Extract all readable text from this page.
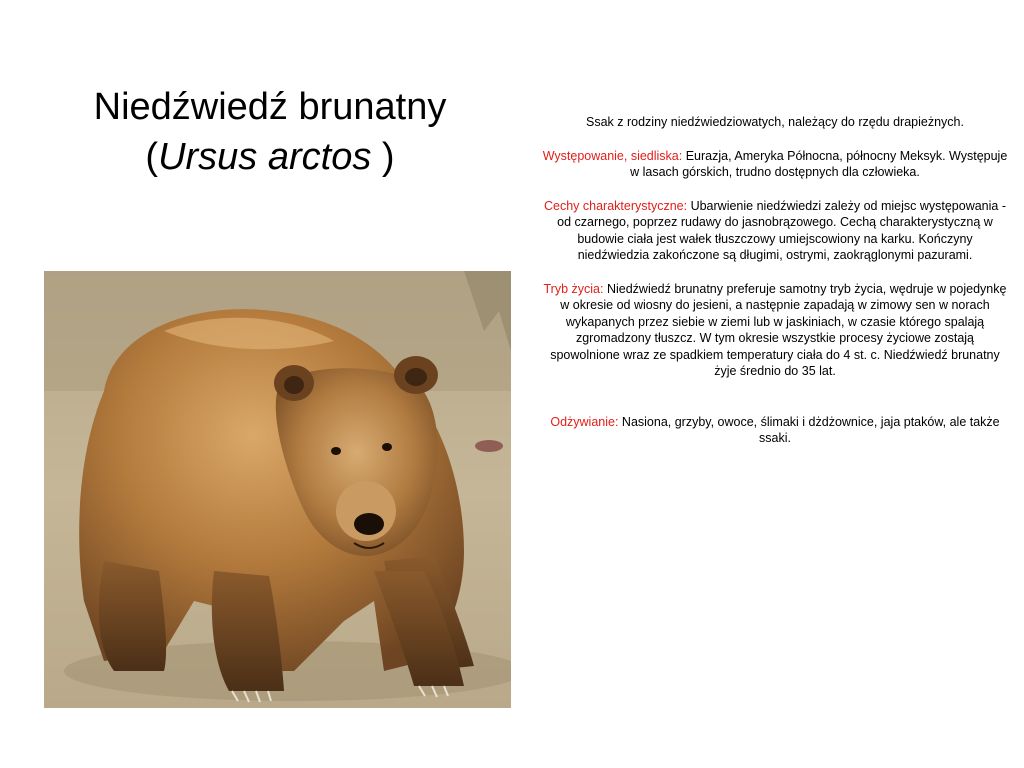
Niedźwiedź brunatny
(Ursus arctos )

Ssak z rodziny niedźwiedziowatych, należący do rzędu drapieżnych.

Występowanie, siedliska: Eurazja, Ameryka Północna, północny Meksyk. Występuje w lasach górskich, trudno dostępnych dla człowieka.

Cechy charakterystyczne: Ubarwienie niedźwiedzi zależy od miejsc występowania - od czarnego, poprzez rudawy do jasnobrązowego. Cechą charakterystyczną w budowie ciała jest wałek tłuszczowy umiejscowiony na karku. Kończyny niedźwiedzia zakończone są długimi, ostrymi, zaokrąglonymi pazurami.

Tryb życia: Niedźwiedź brunatny preferuje samotny tryb życia, wędruje w pojedynkę w okresie od wiosny do jesieni, a następnie zapadają w zimowy sen w norach wykapanych przez siebie w ziemi lub w jaskiniach, w czasie którego spalają zgromadzony tłuszcz. W tym okresie wszystkie procesy życiowe zostają spowolnione wraz ze spadkiem temperatury ciała do 4 st. c. Niedźwiedź brunatny żyje średnio do 35 lat.

Odżywianie: Nasiona, grzyby, owoce, ślimaki i dżdżownice, jaja ptaków, ale także ssaki.
